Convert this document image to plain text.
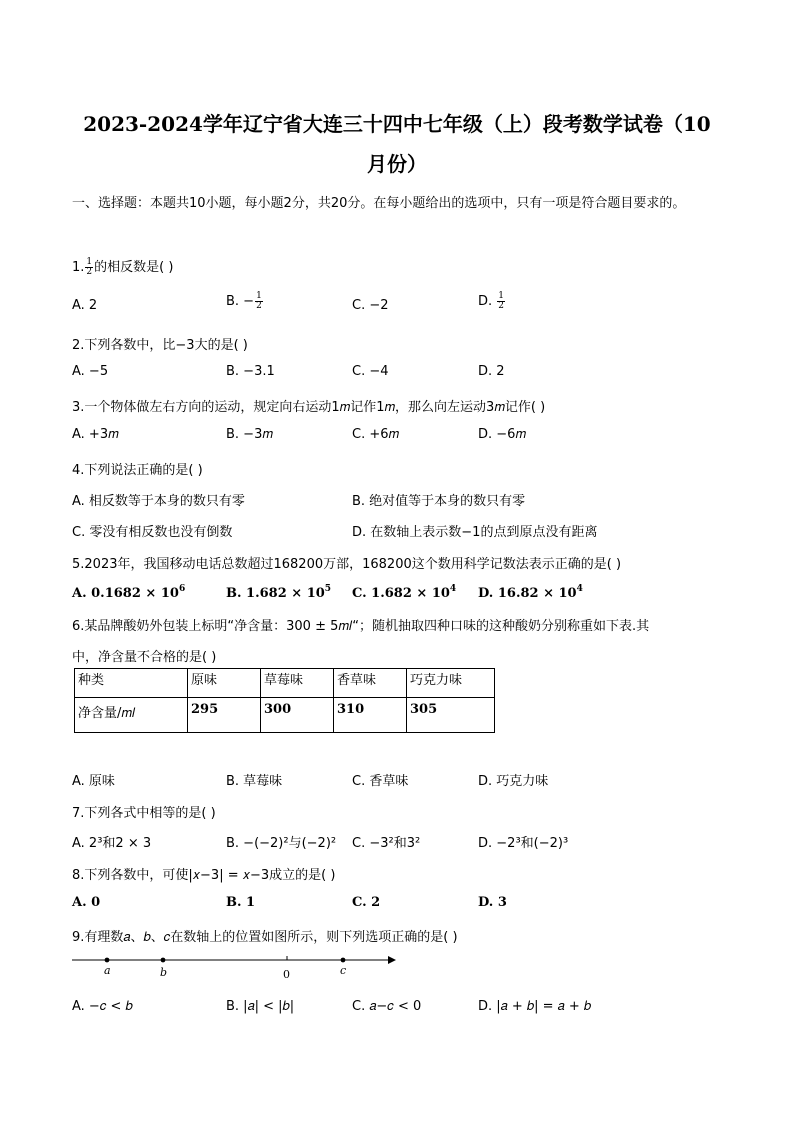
2023-2024学年辽宁省大连三十四中七年级（上）段考数学试卷（10
月份）
一、选择题：本题共10小题，每小题2分，共20分。在每小题给出的选项中，只有一项是符合题目要求的。
1. $\frac{1}{2}$ 的相反数是( )
A. 2	B. − $\frac{1}{2}$	C. −2	D. $\frac{1}{2}$
2.下列各数中，比−3大的是( )
A. −5	B. −3.1	C. −4	D. 2
3.一个物体做左右方向的运动，规定向右运动1𝑚记作1𝑚，那么向左运动3𝑚记作( )
A. +3𝑚	B. −3𝑚	C. +6𝑚	D. −6𝑚
4.下列说法正确的是( )
A. 相反数等于本身的数只有零	B. 绝对值等于本身的数只有零
C. 零没有相反数也没有倒数	D. 在数轴上表示数−1的点到原点没有距离
5.2023年，我国移动电话总数超过168200万部，168200这个数用科学记数法表示正确的是( )
A. $0.1682 \times 10^6$	B. $1.682 \times 10^5$ C. $1.682 \times 10^4$ D. $16.82 \times 10^4$
6.某品牌酸奶外包装上标明“净含量：300 ± 5𝑚𝑙“；随机抽取四种口味的这种酸奶分别称重如下表.其
中，净含量不合格的是( )
种类	原味	草莓味	香草味	巧克力味
净含量/𝑚𝑙	295	300	310	305
A. 原味	B. 草莓味	C. 香草味	D. 巧克力味
7.下列各式中相等的是( )
A. 2³和2 × 3	B. −(−2)²与(−2)² C. −3²和3²	D. −2³和(−2)³
8.下列各数中，可使|𝑥−3| = 𝑥−3成立的是( )
A. 0	B. 1	C. 2	D. 3
9.有理数𝑎、𝑏、𝑐在数轴上的位置如图所示，则下列选项正确的是( )
a	b	0	c
A. −𝑐 < 𝑏	B. |𝑎| < |𝑏|	C. 𝑎−𝑐 < 0	D. |𝑎 + 𝑏| = 𝑎 + 𝑏
